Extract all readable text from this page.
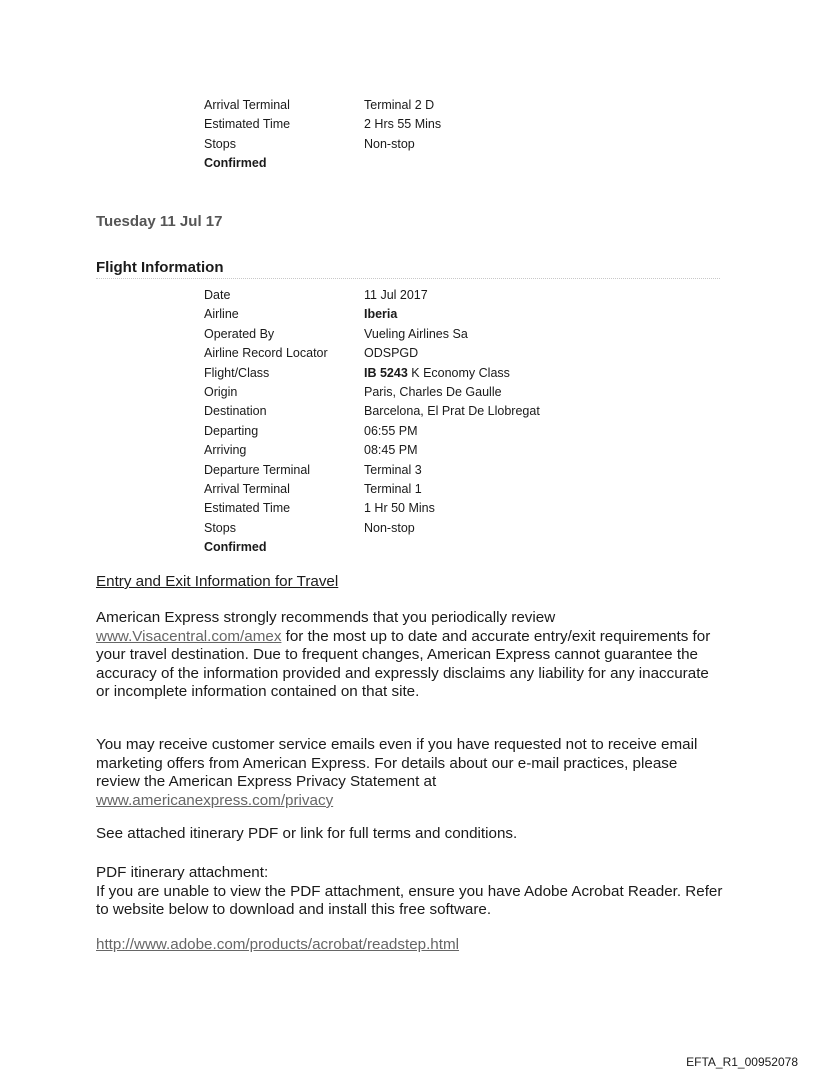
Arrival Terminal	Terminal 2 D
Estimated Time	2 Hrs 55 Mins
Stops	Non-stop
Confirmed
Tuesday 11 Jul 17
Flight Information
Date	11 Jul 2017
Airline	Iberia
Operated By	Vueling Airlines Sa
Airline Record Locator	ODSPGD
Flight/Class	IB 5243 K Economy Class
Origin	Paris, Charles De Gaulle
Destination	Barcelona, El Prat De Llobregat
Departing	06:55 PM
Arriving	08:45 PM
Departure Terminal	Terminal 3
Arrival Terminal	Terminal 1
Estimated Time	1 Hr 50 Mins
Stops	Non-stop
Confirmed
Entry and Exit Information for Travel
American Express strongly recommends that you periodically review
www.Visacentral.com/amex for the most up to date and accurate entry/exit requirements for your travel destination. Due to frequent changes, American Express cannot guarantee the accuracy of the information provided and expressly disclaims any liability for any inaccurate or incomplete information contained on that site.
You may receive customer service emails even if you have requested not to receive email marketing offers from American Express. For details about our e-mail practices, please review the American Express Privacy Statement at
www.americanexpress.com/privacy
See attached itinerary PDF or link for full terms and conditions.
PDF itinerary attachment:
If you are unable to view the PDF attachment, ensure you have Adobe Acrobat Reader. Refer to website below to download and install this free software.
http://www.adobe.com/products/acrobat/readstep.html
EFTA_R1_00952078
